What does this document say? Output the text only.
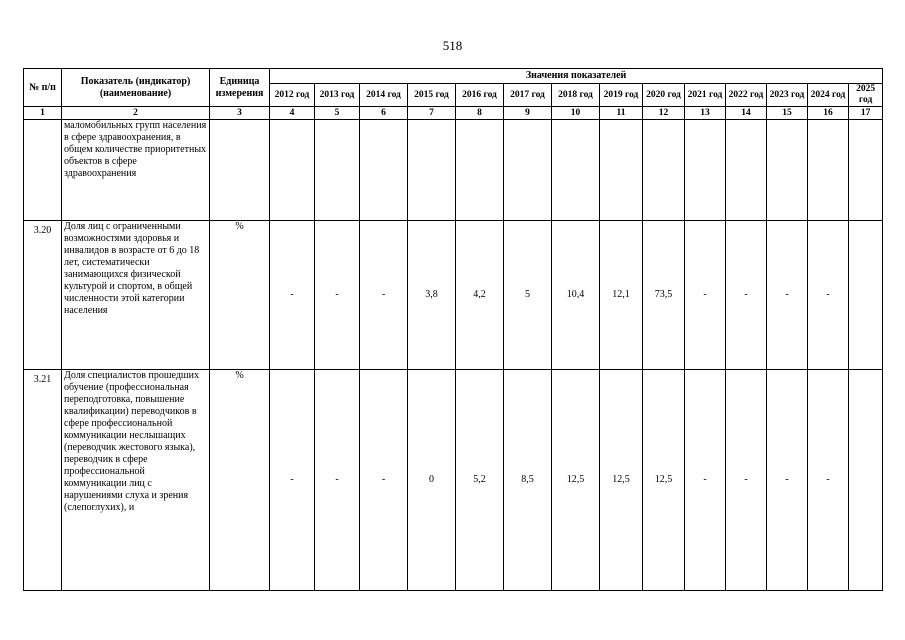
518
№ п/п	Показатель (индикатор) (наименование)	Единица измерения	Значения показателей													
			2012 год	2013 год	2014 год	2015 год	2016 год	2017 год	2018 год	2019 год	2020 год	2021 год	2022 год	2023 год	2024 год	2025 год
1	2	3	4	5	6	7	8	9	10	11	12	13	14	15	16	17

	маломобильных групп населения в сфере здравоохранения, в общем количестве приоритетных объектов в сфере здравоохранения															

3.20	Доля лиц с ограниченными возможностями здоровья и инвалидов в возрасте от 6 до 18 лет, систематически занимающихся физической культурой и спортом, в общей численности этой категории населения	%	-	-	-	3,8	4,2	5	10,4	12,1	73,5	-	-	-	-	
3.21	Доля специалистов прошедших обучение (профессиональная переподготовка, повышение квалификации) переводчиков в сфере профессиональной коммуникации неслышащих (переводчик жестового языка), переводчик в сфере профессиональной коммуникации лиц с нарушениями слуха и зрения (слепоглухих), и	%	-	-	-	0	5,2	8,5	12,5	12,5	12,5	-	-	-	-	
